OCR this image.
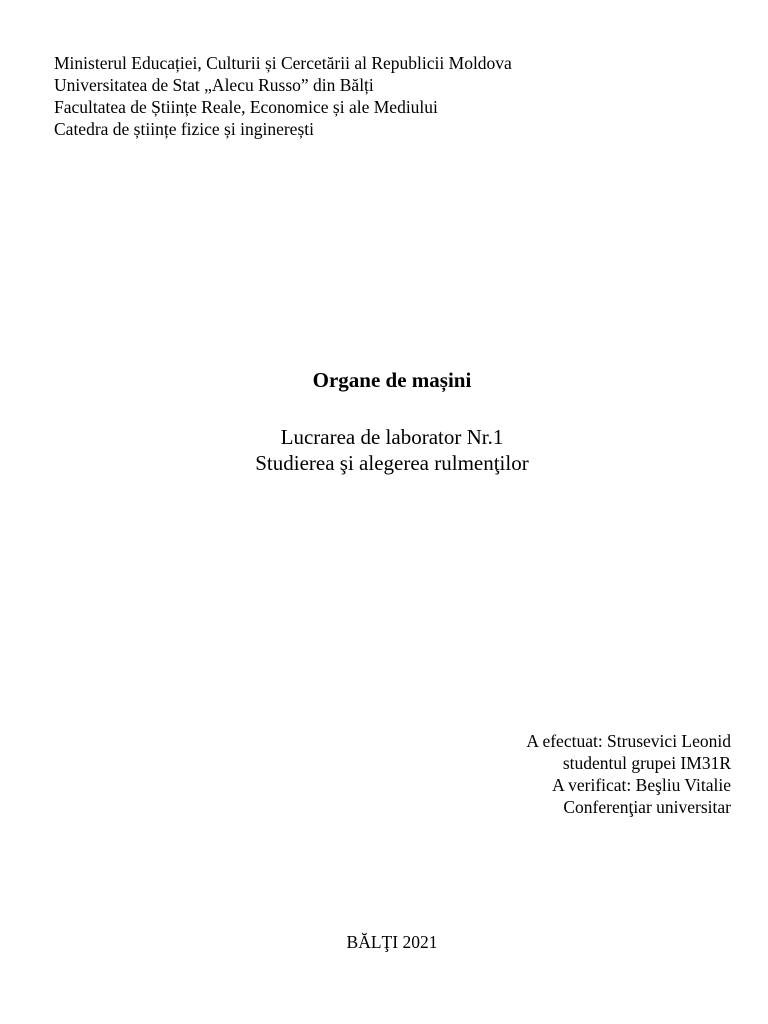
Ministerul Educației, Culturii și Cercetării al Republicii Moldova
Universitatea de Stat „Alecu Russo” din Bălți
Facultatea de Științe Reale, Economice și ale Mediului
Catedra de științe fizice și inginerești
Organe de mașini
Lucrarea de laborator Nr.1
Studierea şi alegerea rulmenţilor
A efectuat: Strusevici Leonid
studentul grupei IM31R
A verificat: Beşliu Vitalie
Conferenţiar universitar
BĂLŢI 2021
